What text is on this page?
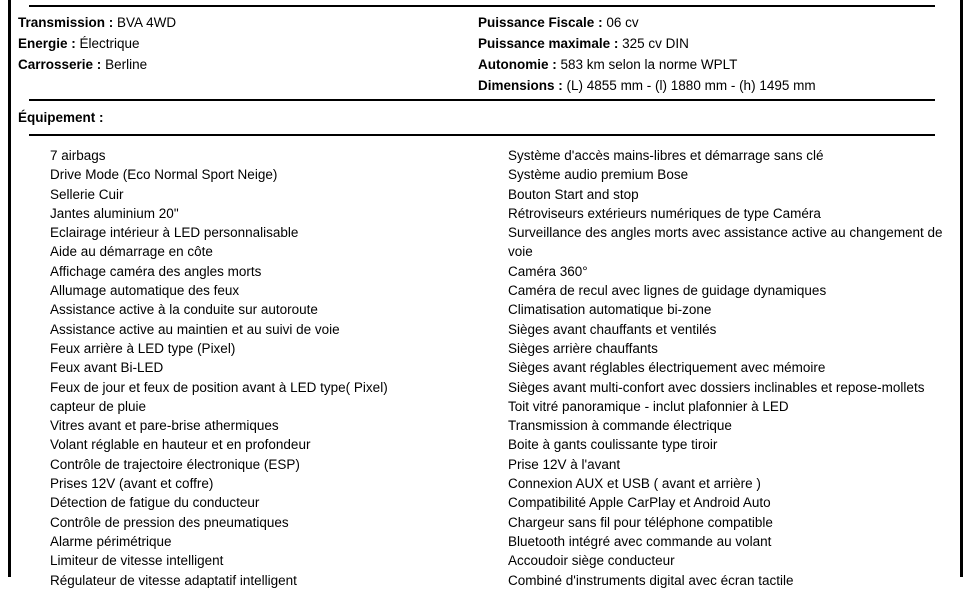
Transmission : BVA 4WD
Energie : Électrique
Carrosserie : Berline
Puissance Fiscale : 06 cv
Puissance maximale : 325 cv DIN
Autonomie : 583 km selon la norme WPLT
Dimensions : (L) 4855 mm - (l) 1880 mm - (h) 1495 mm
Équipement :
7 airbags
Drive Mode (Eco Normal Sport Neige)
Sellerie Cuir
Jantes aluminium 20"
Eclairage intérieur à LED personnalisable
Aide au démarrage en côte
Affichage caméra des angles morts
Allumage automatique des feux
Assistance active à la conduite sur autoroute
Assistance active au maintien et au suivi de voie
Feux arrière à LED type (Pixel)
Feux avant Bi-LED
Feux de jour et feux de position avant à LED type( Pixel)
capteur de pluie
Vitres avant et pare-brise athermiques
Volant réglable en hauteur et en profondeur
Contrôle de trajectoire électronique (ESP)
Prises 12V (avant et coffre)
Détection de fatigue du conducteur
Contrôle de pression des pneumatiques
Alarme périmétrique
Limiteur de vitesse intelligent
Régulateur de vitesse adaptatif intelligent
Système d'accès mains-libres et démarrage sans clé
Système audio premium Bose
Bouton Start and stop
Rétroviseurs extérieurs numériques de type Caméra
Surveillance des angles morts avec assistance active au changement de
voie
Caméra 360°
Caméra de recul avec lignes de guidage dynamiques
Climatisation automatique bi-zone
Sièges avant chauffants et ventilés
Sièges arrière chauffants
Sièges avant réglables électriquement avec mémoire
Sièges avant multi-confort avec dossiers inclinables et repose-mollets
Toit vitré panoramique - inclut plafonnier à LED
Transmission à commande électrique
Boite à gants coulissante type tiroir
Prise 12V à l'avant
Connexion AUX et USB ( avant et arrière )
Compatibilité Apple CarPlay et Android Auto
Chargeur sans fil pour téléphone compatible
Bluetooth intégré avec commande au volant
Accoudoir siège conducteur
Combiné d'instruments digital avec écran tactile
